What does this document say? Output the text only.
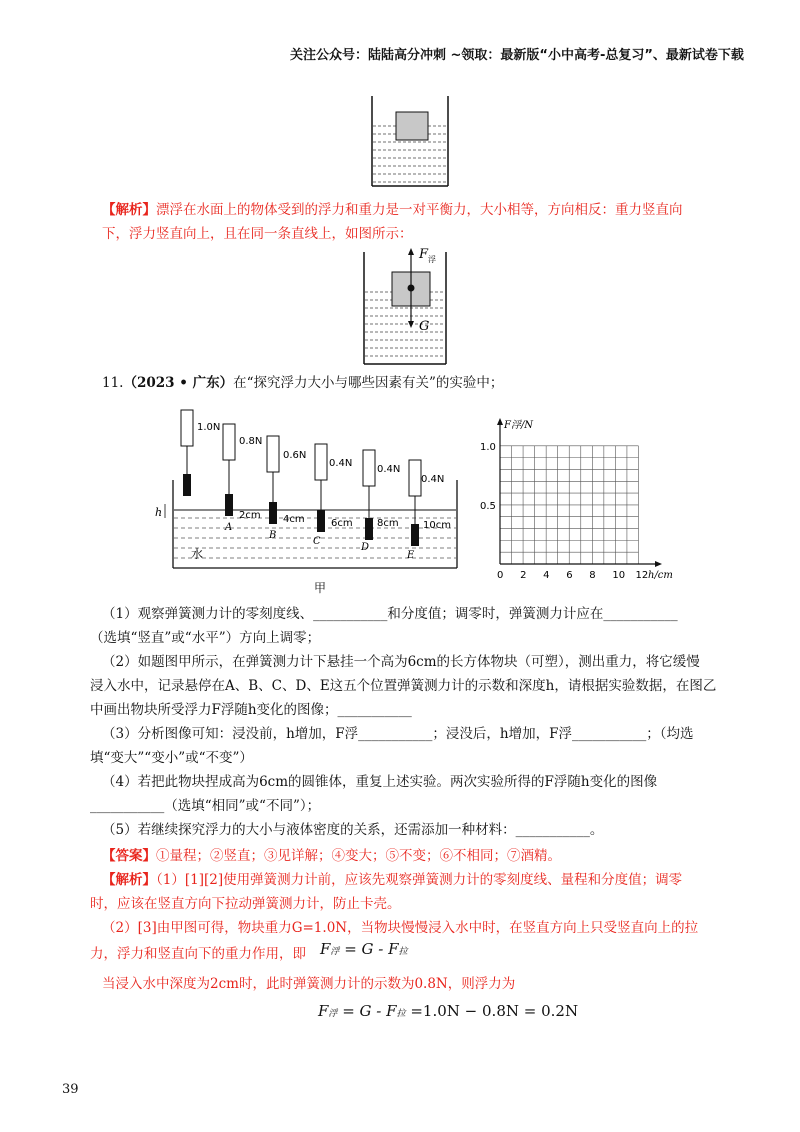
关注公众号：陆陆高分冲刺 ~领取：最新版“小中高考-总复习”、最新试卷下载
【解析】漂浮在水面上的物体受到的浮力和重力是一对平衡力，大小相等，方向相反：重力竖直向
下，浮力竖直向上，且在同一条直线上，如图所示：
F 浮
G
11.（2023 • 广东）在“探究浮力大小与哪些因素有关”的实验中；
水
h
1.0N
0.8N
2cm
A
0.6N
4cm
B
0.4N
6cm
C
0.4N
8cm
D
0.4N
10cm
E
甲
0 2 4 6 8 10 12
0.5
1.0
F浮/N
h/cm
（1）观察弹簧测力计的零刻度线、___________和分度值；调零时，弹簧测力计应在___________
（选填“竖直”或“水平”）方向上调零；
（2）如题图甲所示，在弹簧测力计下悬挂一个高为6cm的长方体物块（可塑），测出重力，将它缓慢
浸入水中，记录悬停在A、B、C、D、E这五个位置弹簧测力计的示数和深度h，请根据实验数据，在图乙
中画出物块所受浮力F浮随h变化的图像；___________
（3）分析图像可知：浸没前，h增加，F浮___________；浸没后，h增加，F浮___________；（均选
填“变大”“变小”或“不变”）
（4）若把此物块捏成高为6cm的圆锥体，重复上述实验。两次实验所得的F浮随h变化的图像
___________（选填“相同”或“不同”）；
（5）若继续探究浮力的大小与液体密度的关系，还需添加一种材料：___________。
【答案】①量程；②竖直；③见详解；④变大；⑤不变；⑥不相同；⑦酒精。
【解析】（1）[1][2]使用弹簧测力计前，应该先观察弹簧测力计的零刻度线、量程和分度值；调零
时，应该在竖直方向下拉动弹簧测力计，防止卡壳。
（2）[3]由甲图可得，物块重力G=1.0N，当物块慢慢浸入水中时，在竖直方向上只受竖直向上的拉
力，浮力和竖直向下的重力作用，即 F浮 = G - F拉
当浸入水中深度为2cm时，此时弹簧测力计的示数为0.8N，则浮力为
F浮 = G - F拉 =1.0N − 0.8N = 0.2N
39
